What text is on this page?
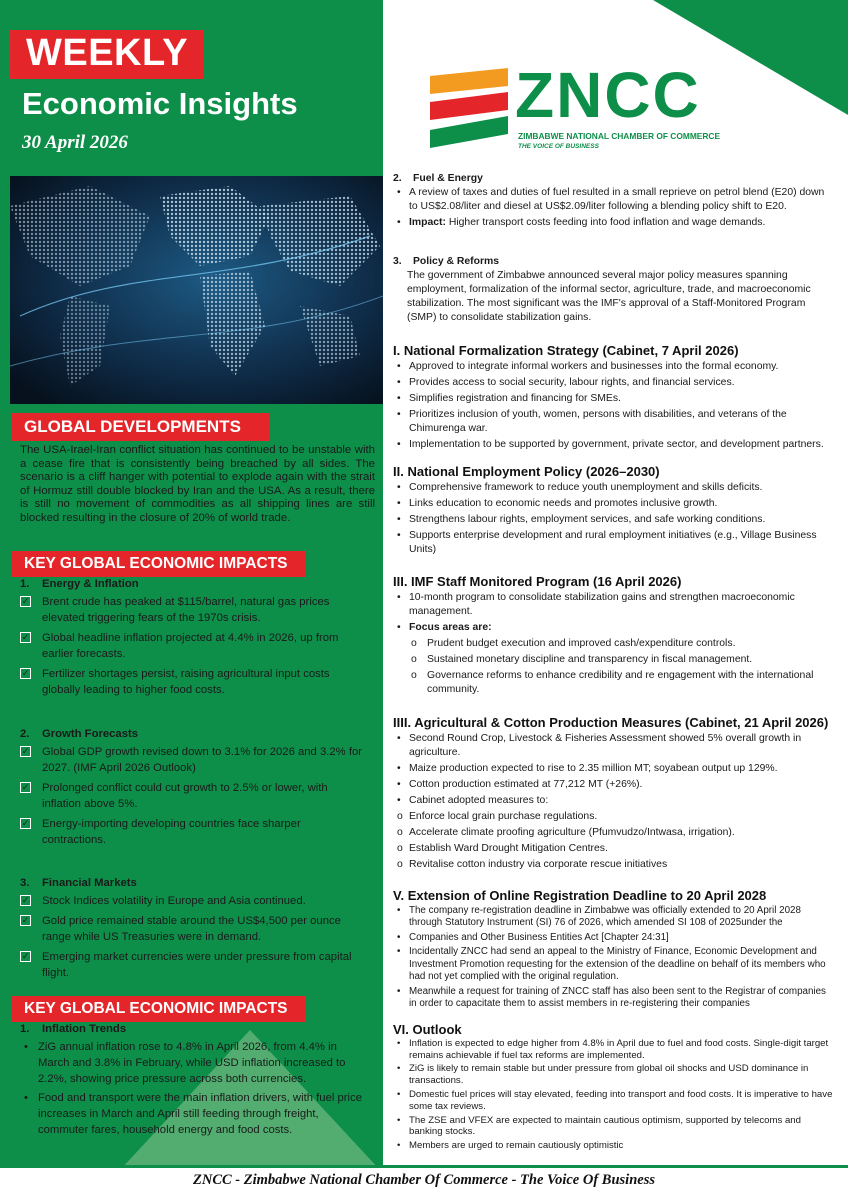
WEEKLY
Economic Insights
30 April 2026
GLOBAL DEVELOPMENTS
The USA-Irael-Iran conflict situation has continued to be unstable with a cease fire that is consistently being breached by all sides. The scenario is a cliff hanger with potential to explode again with the strait of Hormuz still double blocked by Iran and the USA. As a result, there is still no movement of commodities as all shipping lines are still blocked resulting in the closure of 20% of world trade.
KEY GLOBAL ECONOMIC IMPACTS
1. Energy & Inflation
✓ Brent crude has peaked at $115/barrel, natural gas prices elevated triggering fears of the 1970s crisis.
✓ Global headline inflation projected at 4.4% in 2026, up from earlier forecasts.
✓ Fertilizer shortages persist, raising agricultural input costs globally leading to higher food costs.
2. Growth Forecasts
✓ Global GDP growth revised down to 3.1% for 2026 and 3.2% for 2027. (IMF April 2026 Outlook)
✓ Prolonged conflict could cut growth to 2.5% or lower, with inflation above 5%.
✓ Energy-importing developing countries face sharper contractions.
3. Financial Markets
✓ Stock Indices volatility in Europe and Asia continued.
✓ Gold price remained stable around the US$4,500 per ounce range while US Treasuries were in demand.
✓ Emerging market currencies were under pressure from capital flight.
KEY GLOBAL ECONOMIC IMPACTS
1. Inflation Trends
• ZiG annual inflation rose to 4.8% in April 2026, from 4.4% in March and 3.8% in February, while USD inflation increased to 2.2%, showing price pressure across both currencies.
• Food and transport were the main inflation drivers, with fuel price increases in March and April still feeding through freight, commuter fares, household energy and food costs.
ZNCC
ZIMBABWE NATIONAL CHAMBER OF COMMERCE
THE VOICE OF BUSINESS
2. Fuel & Energy
• A review of taxes and duties of fuel resulted in a small reprieve on petrol blend (E20) down to US$2.08/liter and diesel at US$2.09/liter following a blending policy shift to E20.
• Impact: Higher transport costs feeding into food inflation and wage demands.
3. Policy & Reforms
The government of Zimbabwe announced several major policy measures spanning employment, formalization of the informal sector, agriculture, trade, and macroeconomic stabilization. The most significant was the IMF's approval of a Staff-Monitored Program (SMP) to consolidate stabilization gains.
I. National Formalization Strategy (Cabinet, 7 April 2026)
• Approved to integrate informal workers and businesses into the formal economy.
• Provides access to social security, labour rights, and financial services.
• Simplifies registration and financing for SMEs.
• Prioritizes inclusion of youth, women, persons with disabilities, and veterans of the Chimurenga war.
• Implementation to be supported by government, private sector, and development partners.
II. National Employment Policy (2026–2030)
• Comprehensive framework to reduce youth unemployment and skills deficits.
• Links education to economic needs and promotes inclusive growth.
• Strengthens labour rights, employment services, and safe working conditions.
• Supports enterprise development and rural employment initiatives (e.g., Village Business Units)
III. IMF Staff Monitored Program (16 April 2026)
• 10-month program to consolidate stabilization gains and strengthen macroeconomic management.
• Focus areas are:
o Prudent budget execution and improved cash/expenditure controls.
o Sustained monetary discipline and transparency in fiscal management.
o Governance reforms to enhance credibility and re engagement with the international community.
IIII. Agricultural & Cotton Production Measures (Cabinet, 21 April 2026)
• Second Round Crop, Livestock & Fisheries Assessment showed 5% overall growth in agriculture.
• Maize production expected to rise to 2.35 million MT; soyabean output up 129%.
• Cotton production estimated at 77,212 MT (+26%).
• Cabinet adopted measures to:
o Enforce local grain purchase regulations.
o Accelerate climate proofing agriculture (Pfumvudzo/Intwasa, irrigation).
o Establish Ward Drought Mitigation Centres.
o Revitalise cotton industry via corporate rescue initiatives
V. Extension of Online Registration Deadline to 20 April 2028
• The company re-registration deadline in Zimbabwe was officially extended to 20 April 2028 through Statutory Instrument (SI) 76 of 2026, which amended SI 108 of 2025under the
• Companies and Other Business Entities Act [Chapter 24:31]
• Incidentally ZNCC had send an appeal to the Ministry of Finance, Economic Development and Investment Promotion requesting for the extension of the deadline on behalf of its members who had not yet complied with the original regulation.
• Meanwhile a request for training of ZNCC staff has also been sent to the Registrar of companies in order to capacitate them to assist members in re-registering their companies
VI. Outlook
• Inflation is expected to edge higher from 4.8% in April due to fuel and food costs. Single-digit target remains achievable if fuel tax reforms are implemented.
• ZiG is likely to remain stable but under pressure from global oil shocks and USD dominance in transactions.
• Domestic fuel prices will stay elevated, feeding into transport and food costs. It is imperative to have some tax reviews.
• The ZSE and VFEX are expected to maintain cautious optimism, supported by telecoms and banking stocks.
• Members are urged to remain cautiously optimistic
ZNCC - Zimbabwe National Chamber Of Commerce - The Voice Of Business
